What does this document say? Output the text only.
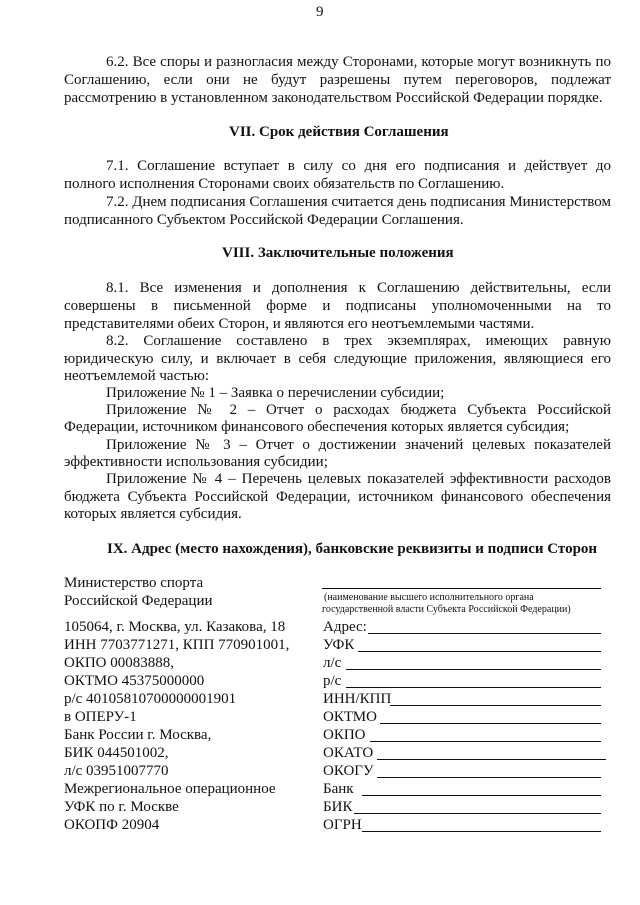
9
6.2. Все споры и разногласия между Сторонами, которые могут возникнуть по
Соглашению, если они не будут разрешены путем переговоров, подлежат
рассмотрению в установленном законодательством Российской Федерации порядке.
VII. Срок действия Соглашения
7.1. Соглашение вступает в силу со дня его подписания и действует до
полного исполнения Сторонами своих обязательств по Соглашению.
7.2. Днем подписания Соглашения считается день подписания Министерством
подписанного Субъектом Российской Федерации Соглашения.
VIII. Заключительные положения
8.1. Все изменения и дополнения к Соглашению действительны, если
совершены в письменной форме и подписаны уполномоченными на то
представителями обеих Сторон, и являются его неотъемлемыми частями.
8.2. Соглашение составлено в трех экземплярах, имеющих равную
юридическую силу, и включает в себя следующие приложения, являющиеся его
неотъемлемой частью:
Приложение № 1 – Заявка о перечислении субсидии;
Приложение № 2 – Отчет о расходах бюджета Субъекта Российской
Федерации, источником финансового обеспечения которых является субсидия;
Приложение № 3 – Отчет о достижении значений целевых показателей
эффективности использования субсидии;
Приложение № 4 – Перечень целевых показателей эффективности расходов
бюджета Субъекта Российской Федерации, источником финансового обеспечения
которых является субсидия.
IX. Адрес (место нахождения), банковские реквизиты и подписи Сторон
Министерство спорта
Российской Федерации
105064, г. Москва, ул. Казакова, 18
ИНН 7703771271, КПП 770901001,
ОКПО 00083888,
ОКТМО 45375000000
р/с 40105810700000001901
в ОПЕРУ-1
Банк России г. Москва,
БИК 044501002,
л/с 03951007770
Межрегиональное операционное
УФК по г. Москве
ОКОПФ 20904
(наименование высшего исполнительного органа
государственной власти Субъекта Российской Федерации)
Адрес:
УФК
л/с
р/с
ИНН/КПП
ОКТМО
ОКПО
ОКАТО
ОКОГУ
Банк
БИК
ОГРН
